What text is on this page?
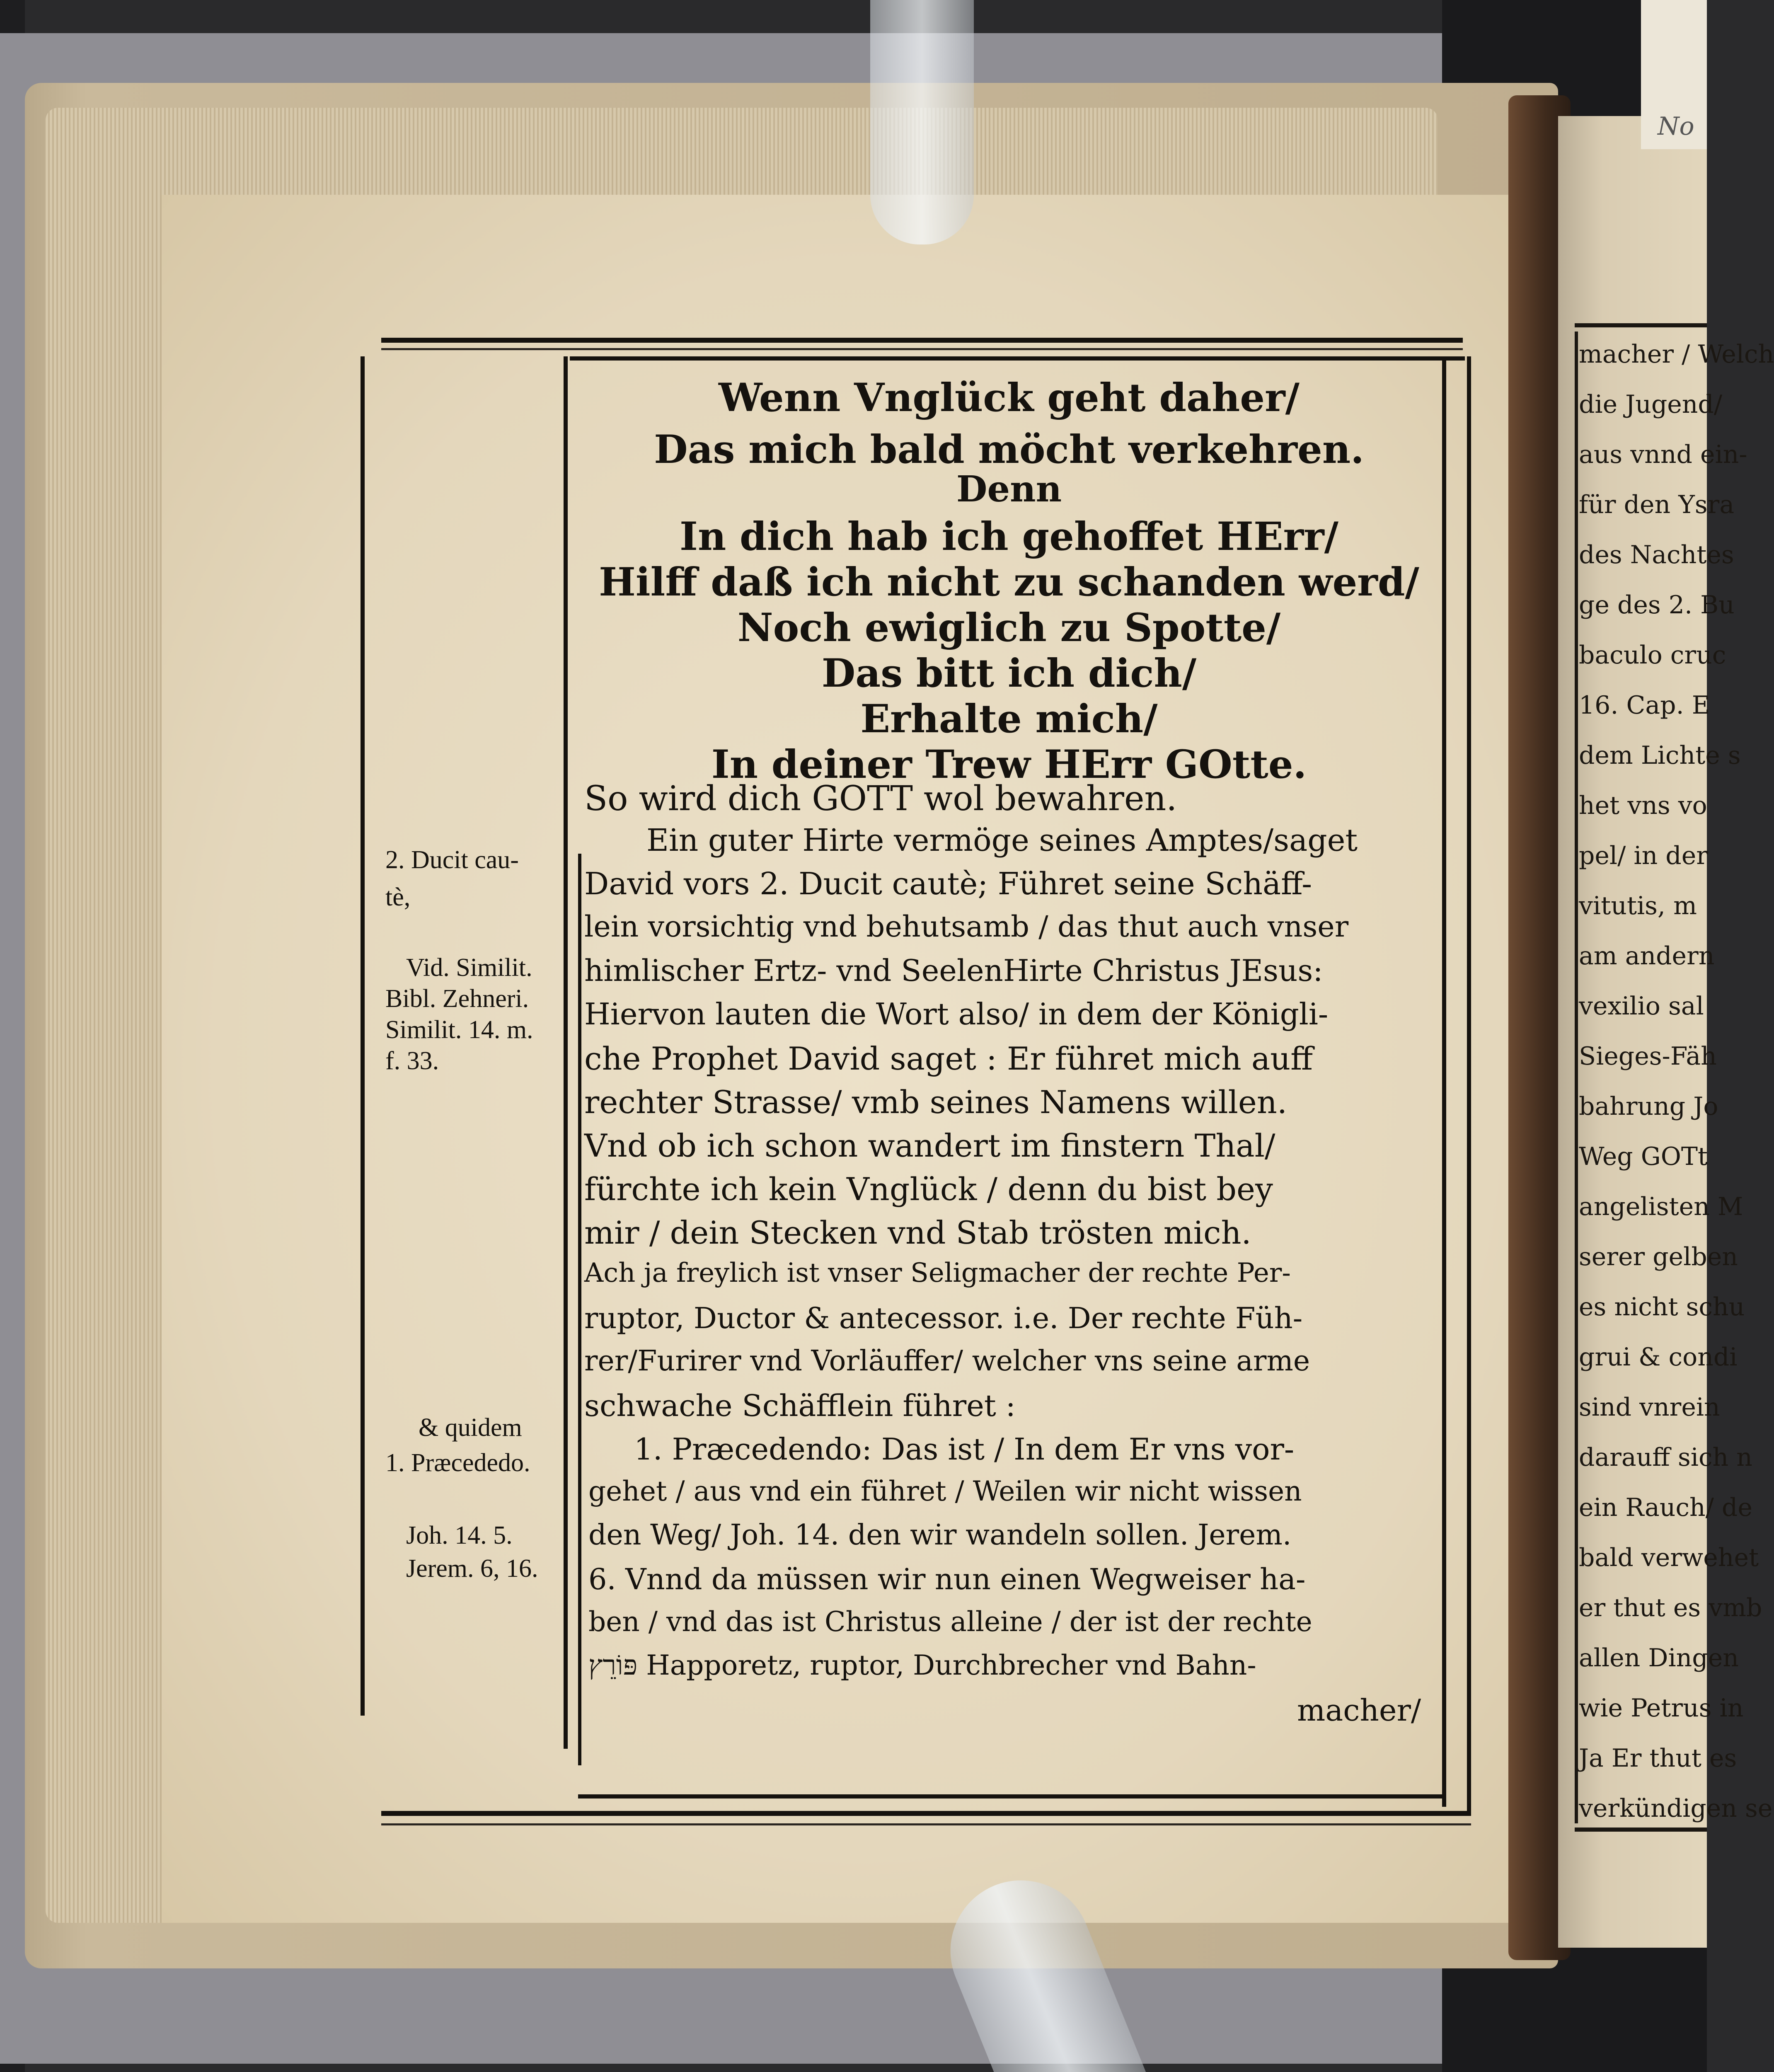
No
macher / Welch
die Jugend/
aus vnnd ein-
für den Ysra
des Nachtes
ge des 2. Bu
baculo cruc
16. Cap. E
dem Lichte s
het vns vo
pel/ in der
vitutis, m
am andern
vexilio sal
Sieges-Fäh
bahrung Jo
Weg GOTt
angelisten M
serer gelben
es nicht schu
grui & condi
sind vnrein
darauff sich n
ein Rauch/ de
bald verwehet
er thut es vmb
allen Dingen
wie Petrus in
Ja Er thut es
verkündigen se
Wenn Vnglück geht daher/
Das mich bald möcht verkehren.
Denn
In dich hab ich gehoffet HErr/
Hilff daß ich nicht zu schanden werd/
Noch ewiglich zu Spotte/
Das bitt ich dich/
Erhalte mich/
In deiner Trew HErr GOtte.
So wird dich GOTT wol bewahren.
Ein guter Hirte vermöge seines Amptes/saget
David vors 2. Ducit cautè; Führet seine Schäff-
lein vorsichtig vnd behutsamb / das thut auch vnser
himlischer Ertz- vnd SeelenHirte Christus JEsus:
Hiervon lauten die Wort also/ in dem der Königli-
che Prophet David saget : Er führet mich auff
rechter Strasse/ vmb seines Namens willen.
Vnd ob ich schon wandert im finstern Thal/
fürchte ich kein Vnglück / denn du bist bey
mir / dein Stecken vnd Stab trösten mich.
Ach ja freylich ist vnser Seligmacher der rechte Per-
ruptor, Ductor & antecessor. i.e. Der rechte Füh-
rer/Furirer vnd Vorläuffer/ welcher vns seine arme
schwache Schäfflein führet :
1. Præcedendo: Das ist / In dem Er vns vor-
gehet / aus vnd ein führet / Weilen wir nicht wissen
den Weg/ Joh. 14. den wir wandeln sollen. Jerem.
6. Vnnd da müssen wir nun einen Wegweiser ha-
ben / vnd das ist Christus alleine / der ist der rechte
פּוֹרֵץ Happoretz, ruptor, Durchbrecher vnd Bahn-
macher/
2. Ducit cau-
tè,
Vid. Similit.
Bibl. Zehneri.
Similit. 14. m.
f. 33.
& quidem
1. Præcededo.
Joh. 14. 5.
Jerem. 6, 16.
